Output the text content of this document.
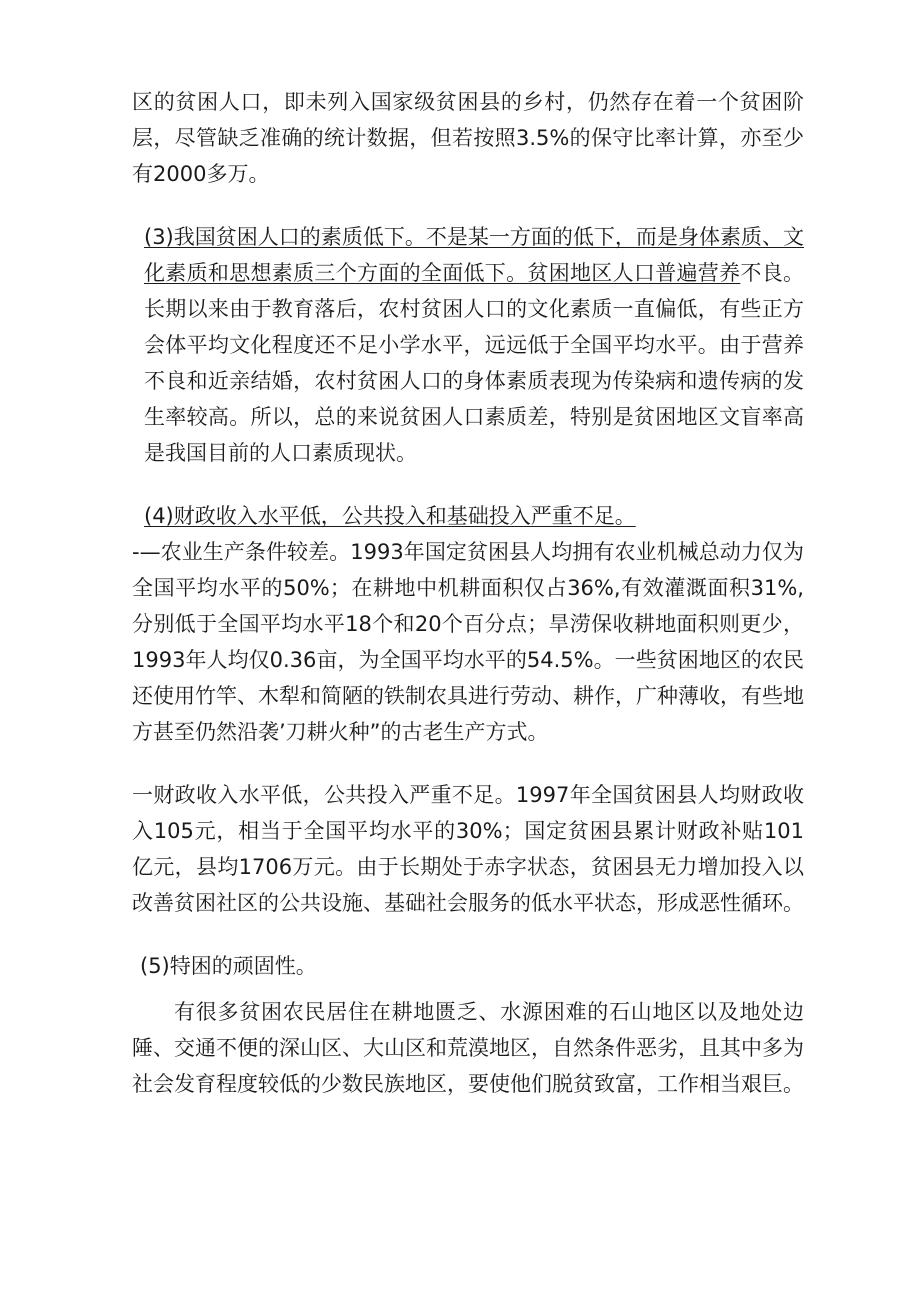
区的贫困人口，即未列入国家级贫困县的乡村，仍然存在着一个贫困阶层，尽管缺乏准确的统计数据，但若按照3.5%的保守比率计算，亦至少有2000多万。

(3)我国贫困人口的素质低下。不是某一方面的低下，而是身体素质、文化素质和思想素质三个方面的全面低下。贫困地区人口普遍营养不良。长期以来由于教育落后，农村贫困人口的文化素质一直偏低，有些正方会体平均文化程度还不足小学水平，远远低于全国平均水平。由于营养不良和近亲结婚，农村贫困人口的身体素质表现为传染病和遗传病的发生率较高。所以，总的来说贫困人口素质差，特别是贫困地区文盲率高是我国目前的人口素质现状。

(4)财政收入水平低，公共投入和基础投入严重不足。

-—农业生产条件较差。1993年国定贫困县人均拥有农业机械总动力仅为全国平均水平的50%；在耕地中机耕面积仅占36%,有效灌溉面积31%,分别低于全国平均水平18个和20个百分点；旱涝保收耕地面积则更少，1993年人均仅0.36亩，为全国平均水平的54.5%。一些贫困地区的农民还使用竹竿、木犁和简陋的铁制农具进行劳动、耕作，广种薄收，有些地方甚至仍然沿袭’刀耕火种”的古老生产方式。

一财政收入水平低，公共投入严重不足。1997年全国贫困县人均财政收入105元，相当于全国平均水平的30%；国定贫困县累计财政补贴101亿元，县均1706万元。由于长期处于赤字状态，贫困县无力增加投入以改善贫困社区的公共设施、基础社会服务的低水平状态，形成恶性循环。

(5)特困的顽固性。

有很多贫困农民居住在耕地匮乏、水源困难的石山地区以及地处边陲、交通不便的深山区、大山区和荒漠地区，自然条件恶劣，且其中多为社会发育程度较低的少数民族地区，要使他们脱贫致富，工作相当艰巨。
